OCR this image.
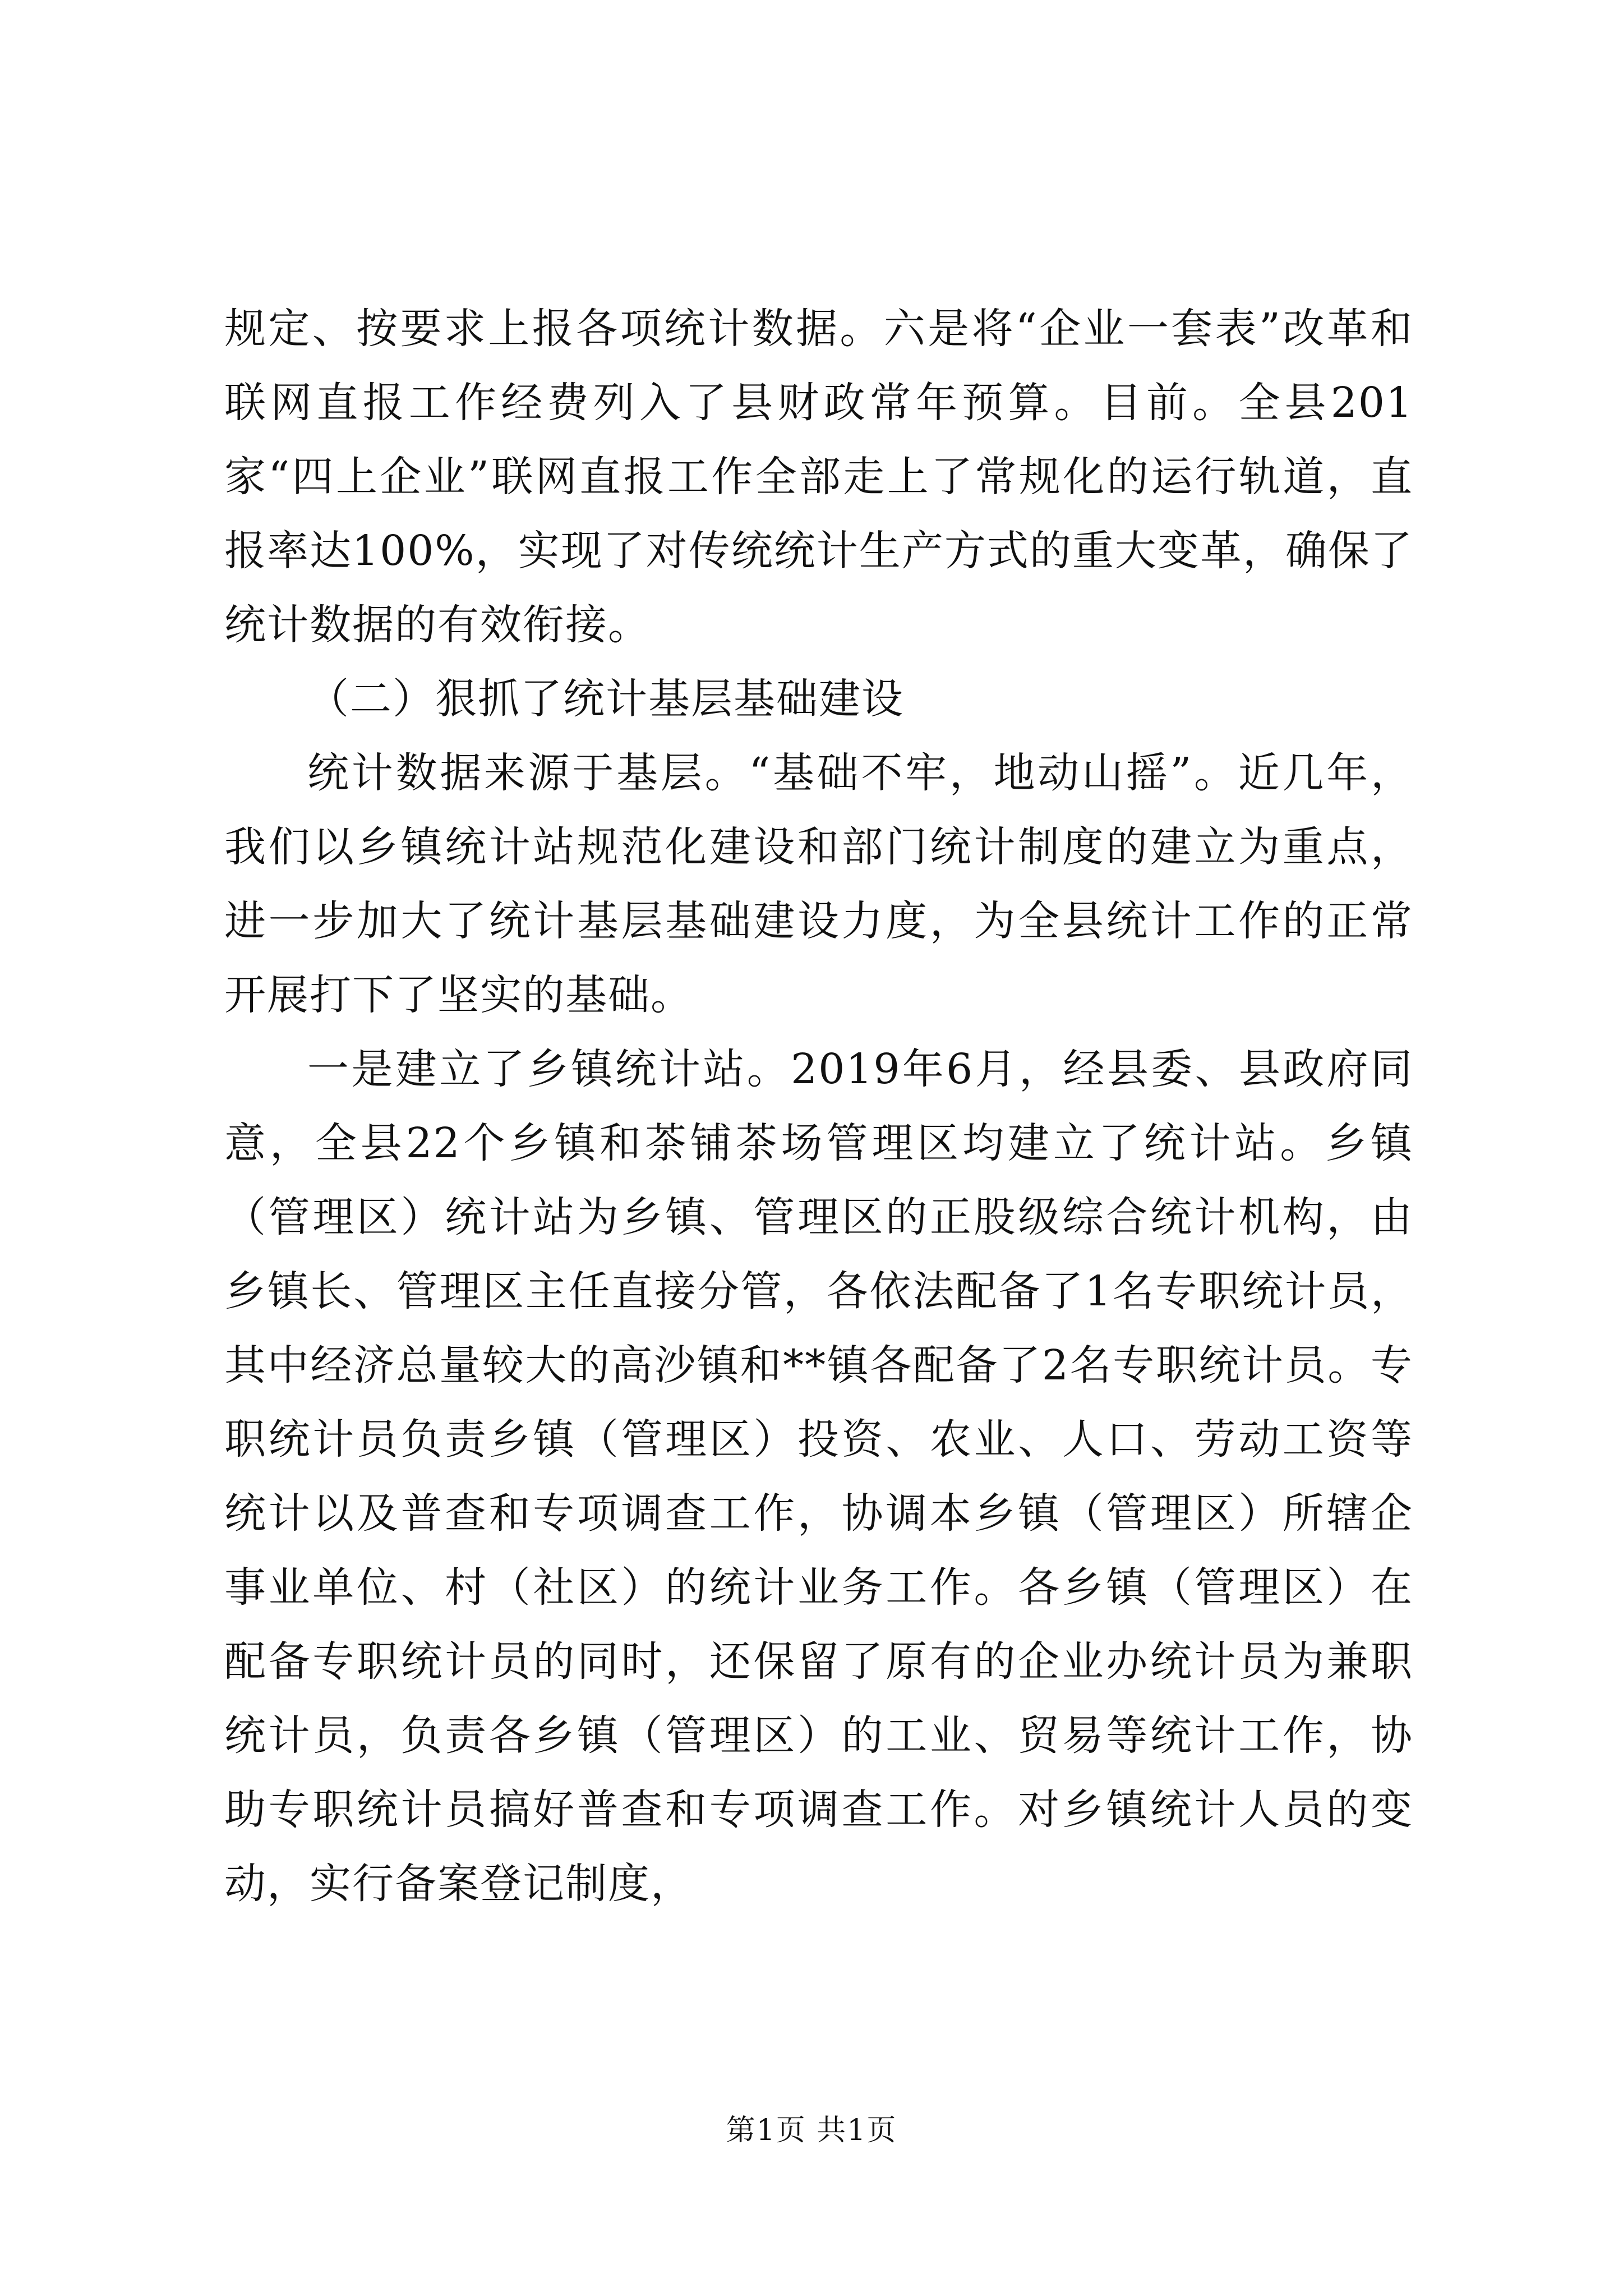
规定、按要求上报各项统计数据。六是将“企业一套表”改革和联网直报工作经费列入了县财政常年预算。目前。全县201家“四上企业”联网直报工作全部走上了常规化的运行轨道，直报率达100%，实现了对传统统计生产方式的重大变革，确保了统计数据的有效衔接。

（二）狠抓了统计基层基础建设

统计数据来源于基层。“基础不牢，地动山摇”。近几年，我们以乡镇统计站规范化建设和部门统计制度的建立为重点，进一步加大了统计基层基础建设力度，为全县统计工作的正常开展打下了坚实的基础。

一是建立了乡镇统计站。2019年6月，经县委、县政府同意，全县22个乡镇和茶铺茶场管理区均建立了统计站。乡镇（管理区）统计站为乡镇、管理区的正股级综合统计机构，由乡镇长、管理区主任直接分管，各依法配备了1名专职统计员，其中经济总量较大的高沙镇和**镇各配备了2名专职统计员。专职统计员负责乡镇（管理区）投资、农业、人口、劳动工资等统计以及普查和专项调查工作，协调本乡镇（管理区）所辖企事业单位、村（社区）的统计业务工作。各乡镇（管理区）在配备专职统计员的同时，还保留了原有的企业办统计员为兼职统计员，负责各乡镇（管理区）的工业、贸易等统计工作，协助专职统计员搞好普查和专项调查工作。对乡镇统计人员的变动，实行备案登记制度，

第1页 共1页
